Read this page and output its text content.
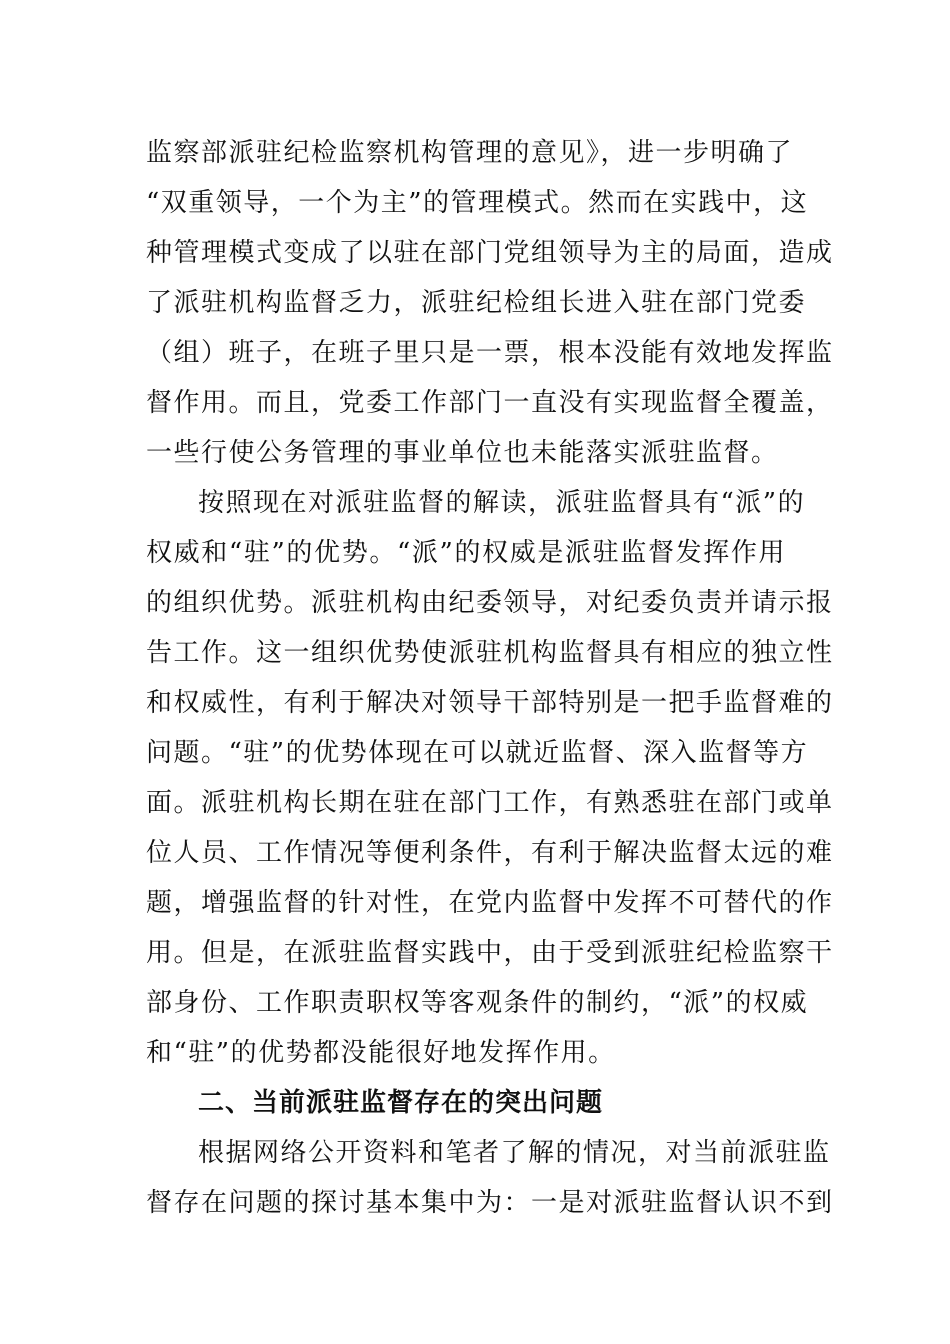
监察部派驻纪检监察机构管理的意见》，进一步明确了
“双重领导，一个为主”的管理模式。然而在实践中，这
种管理模式变成了以驻在部门党组领导为主的局面，造成
了派驻机构监督乏力，派驻纪检组长进入驻在部门党委
（组）班子，在班子里只是一票，根本没能有效地发挥监
督作用。而且，党委工作部门一直没有实现监督全覆盖，
一些行使公务管理的事业单位也未能落实派驻监督。
按照现在对派驻监督的解读，派驻监督具有“派”的
权威和“驻”的优势。“派”的权威是派驻监督发挥作用
的组织优势。派驻机构由纪委领导，对纪委负责并请示报
告工作。这一组织优势使派驻机构监督具有相应的独立性
和权威性，有利于解决对领导干部特别是一把手监督难的
问题。“驻”的优势体现在可以就近监督、深入监督等方
面。派驻机构长期在驻在部门工作，有熟悉驻在部门或单
位人员、工作情况等便利条件，有利于解决监督太远的难
题，增强监督的针对性，在党内监督中发挥不可替代的作
用。但是，在派驻监督实践中，由于受到派驻纪检监察干
部身份、工作职责职权等客观条件的制约，“派”的权威
和“驻”的优势都没能很好地发挥作用。
二、当前派驻监督存在的突出问题
根据网络公开资料和笔者了解的情况，对当前派驻监
督存在问题的探讨基本集中为：一是对派驻监督认识不到
